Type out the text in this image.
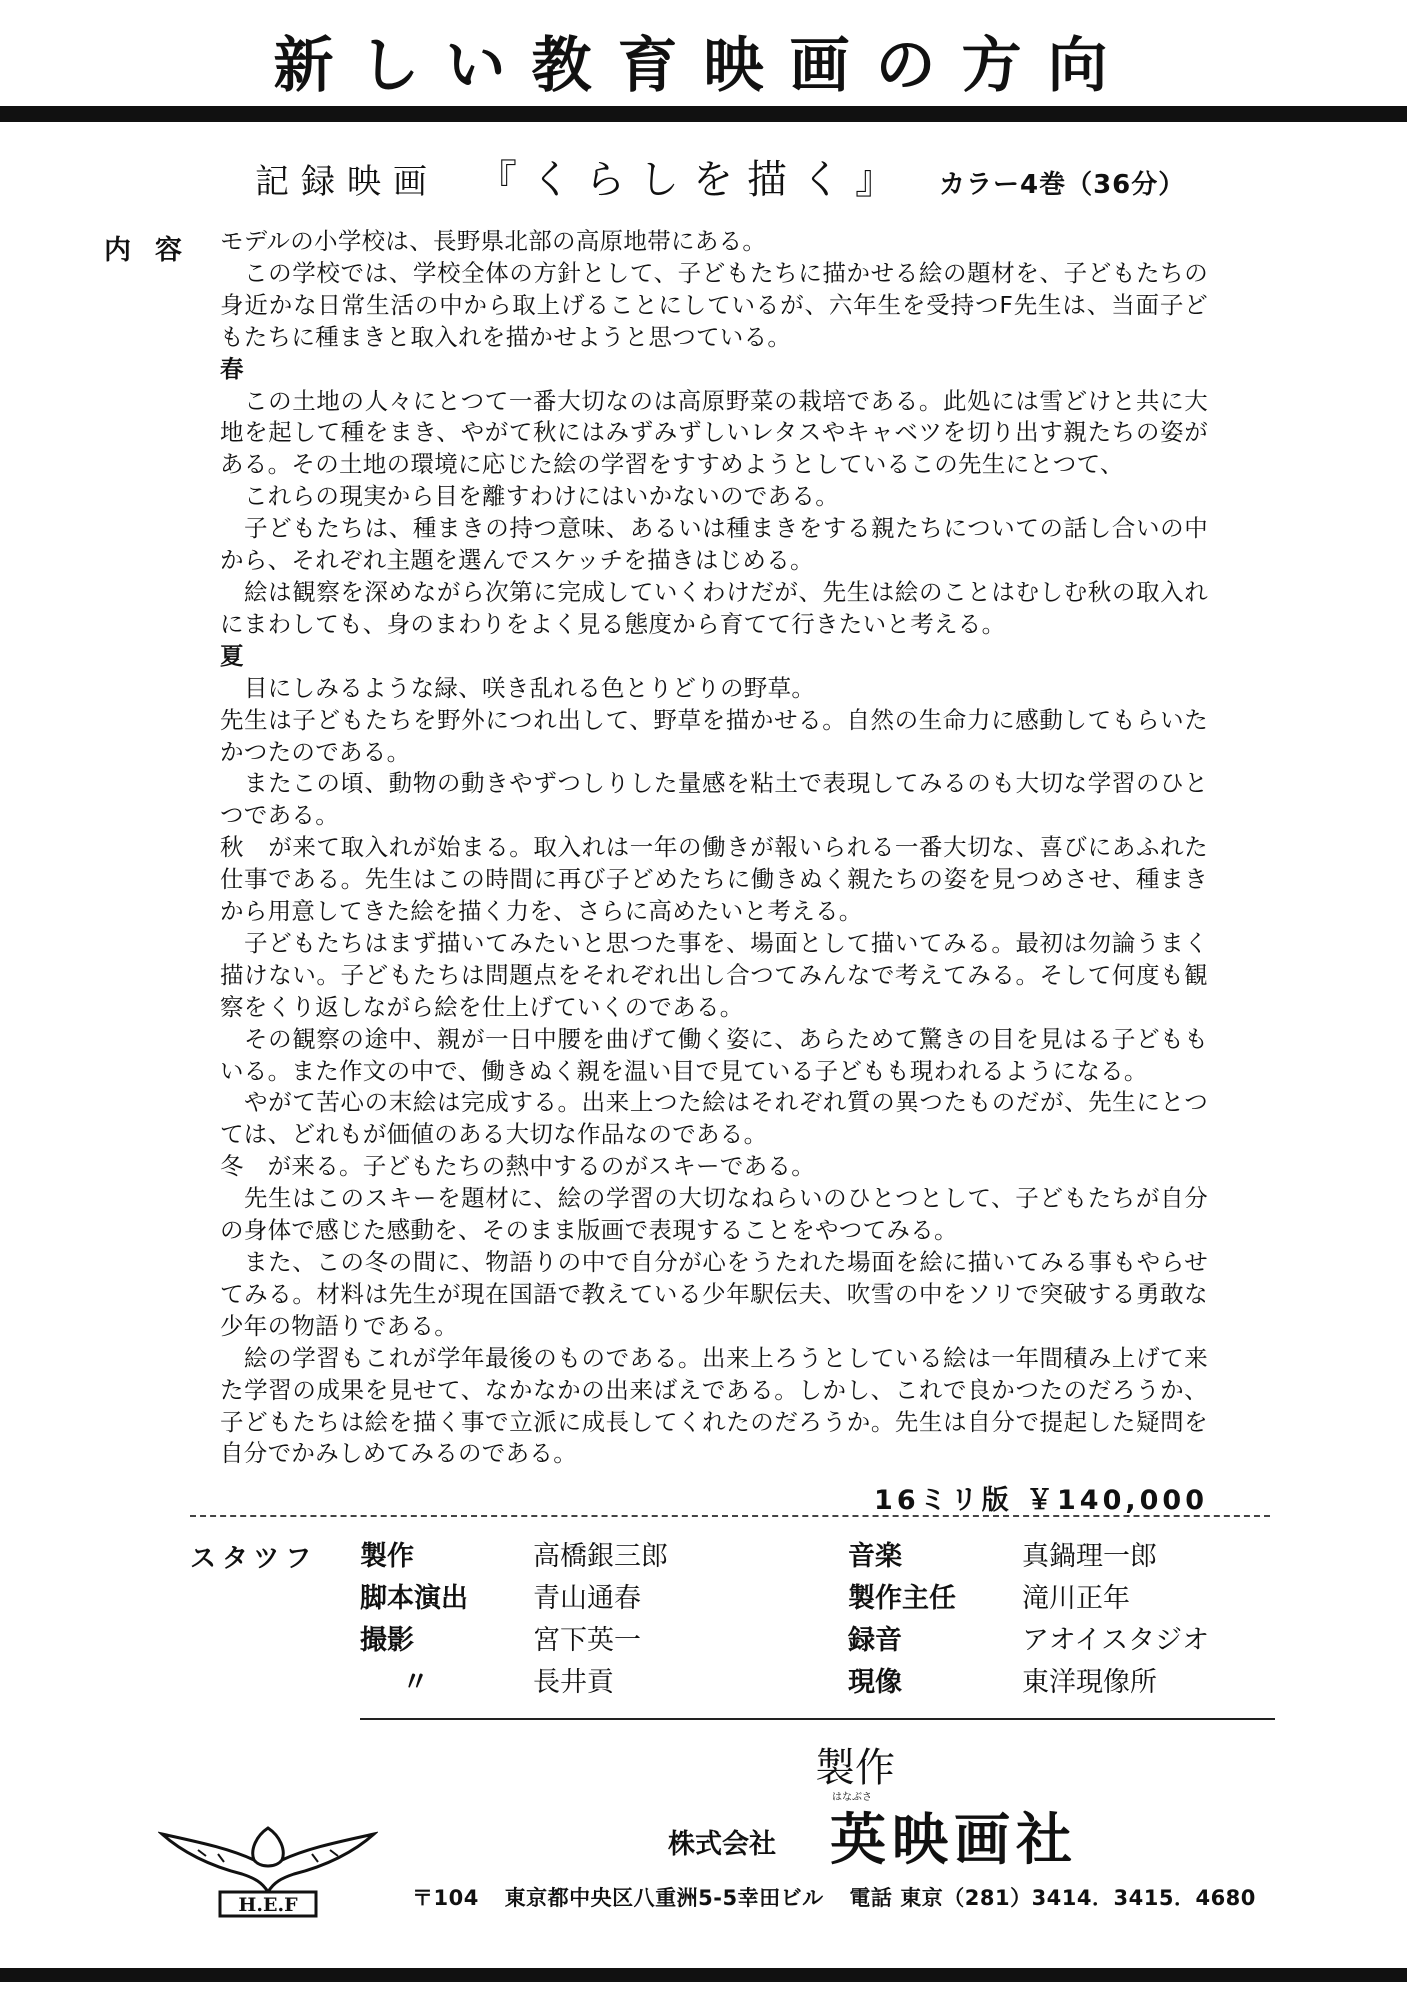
新しい教育映画の方向
記録映画 『くらしを描く』 カラー4巻（36分）
内容 モデルの小学校は、長野県北部の高原地帯にある。

この学校では、学校全体の方針として、子どもたちに描かせる絵の題材を、子どもたちの身近かな日常生活の中から取上げることにしているが、六年生を受持つF先生は、当面子どもたちに種まきと取入れを描かせようと思つている。

春

この土地の人々にとつて一番大切なのは高原野菜の栽培である。此処には雪どけと共に大地を起して種をまき、やがて秋にはみずみずしいレタスやキャベツを切り出す親たちの姿がある。その土地の環境に応じた絵の学習をすすめようとしているこの先生にとつて、

これらの現実から目を離すわけにはいかないのである。

子どもたちは、種まきの持つ意味、あるいは種まきをする親たちについての話し合いの中から、それぞれ主題を選んでスケッチを描きはじめる。

絵は観察を深めながら次第に完成していくわけだが、先生は絵のことはむしむ秋の取入れにまわしても、身のまわりをよく見る態度から育てて行きたいと考える。

夏

目にしみるような緑、咲き乱れる色とりどりの野草。

先生は子どもたちを野外につれ出して、野草を描かせる。自然の生命力に感動してもらいたかつたのである。

またこの頃、動物の動きやずつしりした量感を粘土で表現してみるのも大切な学習のひとつである。

秋　が来て取入れが始まる。取入れは一年の働きが報いられる一番大切な、喜びにあふれた仕事である。先生はこの時間に再び子どめたちに働きぬく親たちの姿を見つめさせ、種まきから用意してきた絵を描く力を、さらに高めたいと考える。

子どもたちはまず描いてみたいと思つた事を、場面として描いてみる。最初は勿論うまく描けない。子どもたちは問題点をそれぞれ出し合つてみんなで考えてみる。そして何度も観察をくり返しながら絵を仕上げていくのである。

その観察の途中、親が一日中腰を曲げて働く姿に、あらためて驚きの目を見はる子どももいる。また作文の中で、働きぬく親を温い目で見ている子どもも現われるようになる。

やがて苦心の末絵は完成する。出来上つた絵はそれぞれ質の異つたものだが、先生にとつては、どれもが価値のある大切な作品なのである。

冬　が来る。子どもたちの熱中するのがスキーである。

先生はこのスキーを題材に、絵の学習の大切なねらいのひとつとして、子どもたちが自分の身体で感じた感動を、そのまま版画で表現することをやつてみる。

また、この冬の間に、物語りの中で自分が心をうたれた場面を絵に描いてみる事もやらせてみる。材料は先生が現在国語で教えている少年駅伝夫、吹雪の中をソリで突破する勇敢な少年の物語りである。

絵の学習もこれが学年最後のものである。出来上ろうとしている絵は一年間積み上げて来た学習の成果を見せて、なかなかの出来ばえである。しかし、これで良かつたのだろうか、子どもたちは絵を描く事で立派に成長してくれたのだろうか。先生は自分で提起した疑問を自分でかみしめてみるのである。

16ミリ版 ￥140,000
スタツフ 製作
脚本演出
撮影
〃
高橋銀三郎
青山通春
宮下英一
長井貢
音楽
製作主任
録音
現像
真鍋理一郎
滝川正年
アオイスタジオ
東洋現像所
製作
はなぶさ
株式会社 英映画社
H.E.F	〒104 東京都中央区八重洲5-5幸田ビル 電話 東京（281）3414．3415．4680
